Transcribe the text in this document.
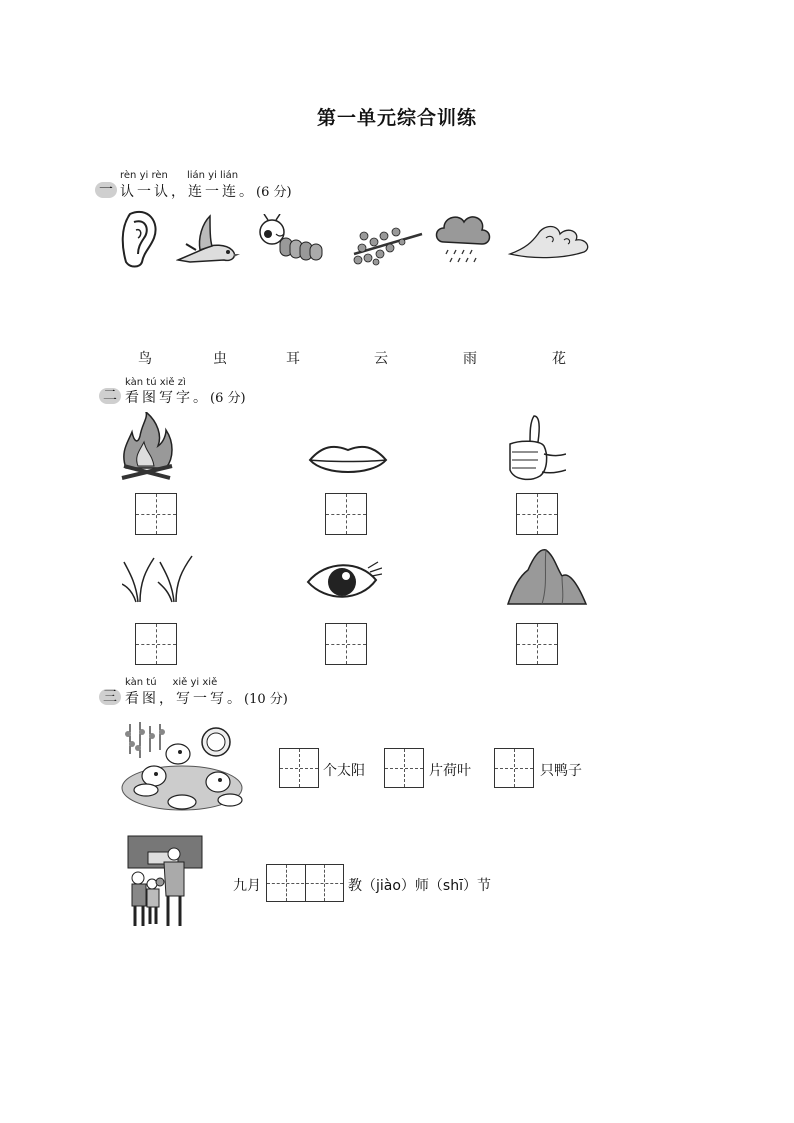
第一单元综合训练
rèn yi rèn lián yi lián
一 认一认，连一连。(6 分)
鸟	虫	耳	云	雨	花
kàn tú xiě zì
二 看图写字。(6 分)
kàn tú xiě yi xiě
三 看图，写一写。(10 分)
个太阳	片荷叶	只鸭子
九月	教（jiào）师（shī）节
